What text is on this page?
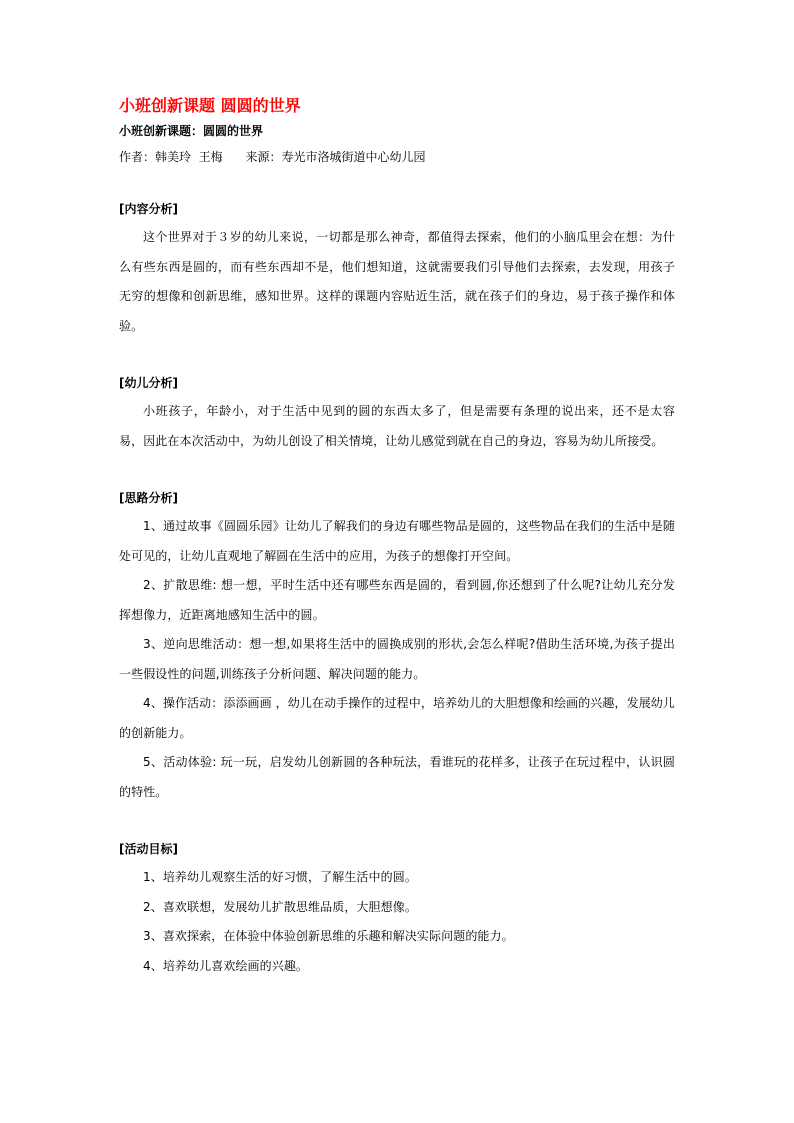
小班创新课题 圆圆的世界
小班创新课题：圆圆的世界
作者：韩美玲  王梅      来源：寿光市洛城街道中心幼儿园
[内容分析]

这个世界对于３岁的幼儿来说，一切都是那么神奇，都值得去探索，他们的小脑瓜里会在想：为什么有些东西是圆的，而有些东西却不是，他们想知道，这就需要我们引导他们去探索，去发现，用孩子无穷的想像和创新思维，感知世界。这样的课题内容贴近生活，就在孩子们的身边，易于孩子操作和体验。

[幼儿分析]

小班孩子，年龄小，对于生活中见到的圆的东西太多了，但是需要有条理的说出来，还不是太容易，因此在本次活动中，为幼儿创设了相关情境，让幼儿感觉到就在自己的身边，容易为幼儿所接受。

[思路分析]

1、通过故事《圆圆乐园》让幼儿了解我们的身边有哪些物品是圆的，这些物品在我们的生活中是随处可见的，让幼儿直观地了解圆在生活中的应用，为孩子的想像打开空间。

2、扩散思维: 想一想，平时生活中还有哪些东西是圆的，看到圆,你还想到了什么呢?让幼儿充分发挥想像力，近距离地感知生活中的圆。

3、逆向思维活动：想一想,如果将生活中的圆换成别的形状,会怎么样呢?借助生活环境,为孩子提出一些假设性的问题,训练孩子分析问题、解决问题的能力。

4、操作活动：添添画画 ，幼儿在动手操作的过程中，培养幼儿的大胆想像和绘画的兴趣，发展幼儿的创新能力。

5、活动体验: 玩一玩，启发幼儿创新圆的各种玩法，看谁玩的花样多，让孩子在玩过程中，认识圆的特性。

[活动目标]

1、培养幼儿观察生活的好习惯，了解生活中的圆。

2、喜欢联想，发展幼儿扩散思维品质，大胆想像。

3、喜欢探索，在体验中体验创新思维的乐趣和解决实际问题的能力。

4、培养幼儿喜欢绘画的兴趣。
